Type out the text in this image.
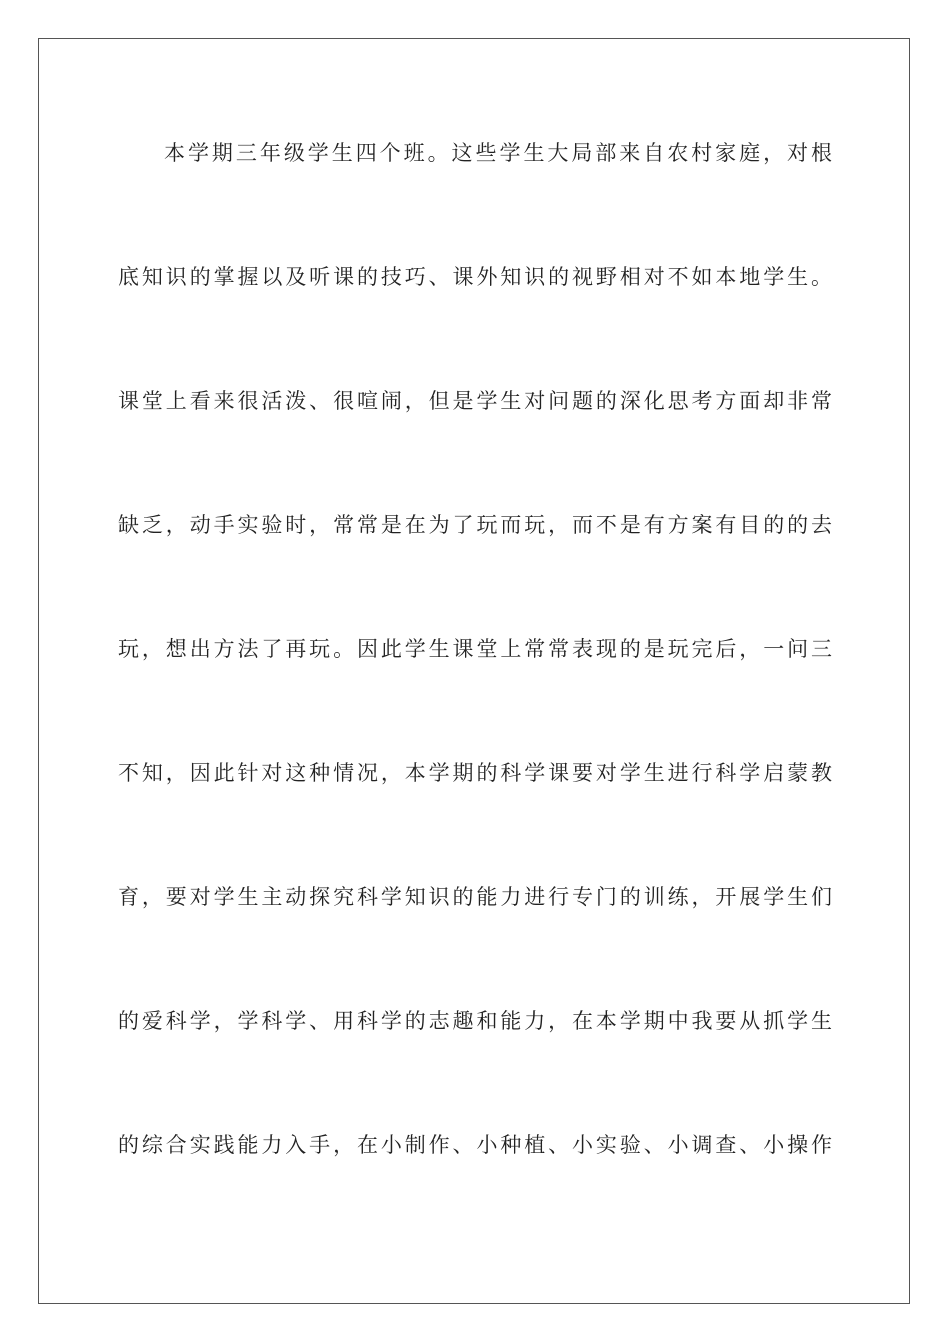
本学期三年级学生四个班。这些学生大局部来自农村家庭，对根
底知识的掌握以及听课的技巧、课外知识的视野相对不如本地学生。
课堂上看来很活泼、很喧闹，但是学生对问题的深化思考方面却非常
缺乏，动手实验时，常常是在为了玩而玩，而不是有方案有目的的去
玩，想出方法了再玩。因此学生课堂上常常表现的是玩完后，一问三
不知，因此针对这种情况，本学期的科学课要对学生进行科学启蒙教
育，要对学生主动探究科学知识的能力进行专门的训练，开展学生们
的爱科学，学科学、用科学的志趣和能力，在本学期中我要从抓学生
的综合实践能力入手，在小制作、小种植、小实验、小调查、小操作
